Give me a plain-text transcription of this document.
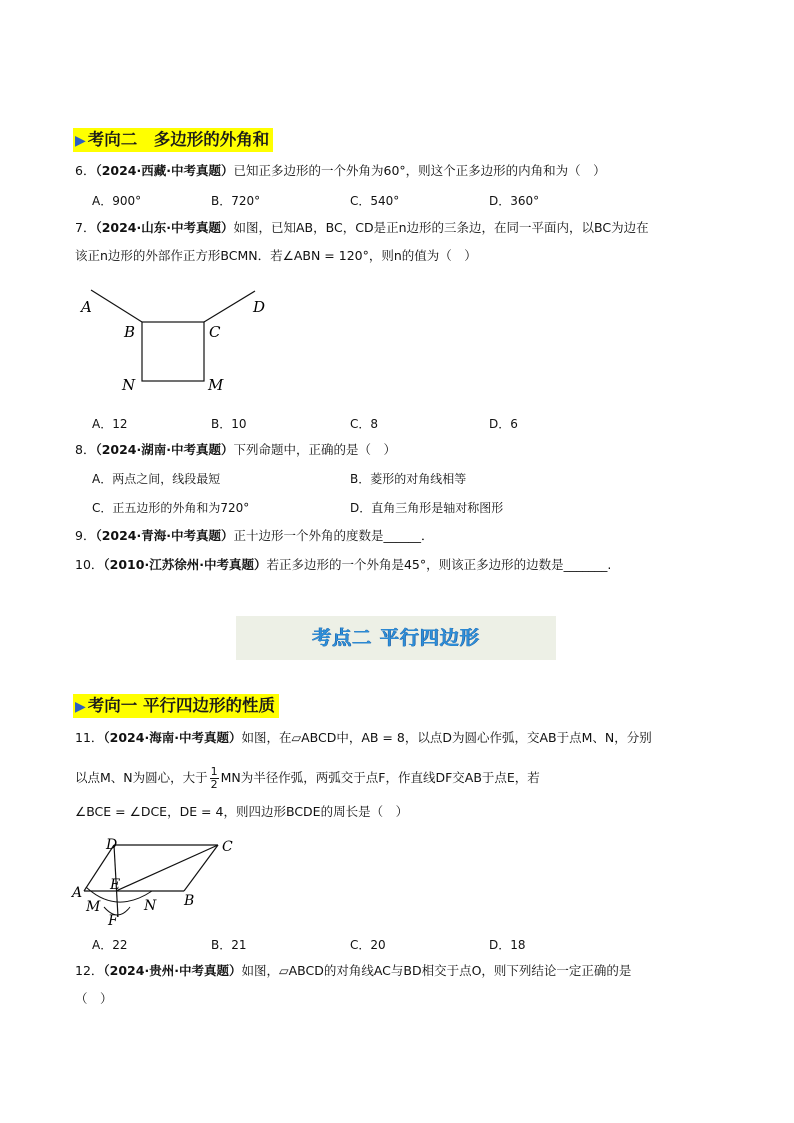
▶ 考向二　多边形的外角和
6．（2024·西藏·中考真题）已知正多边形的一个外角为60°，则这个正多边形的内角和为（　）
A．900°	B．720°	C．540°	D．360°
7．（2024·山东·中考真题）如图，已知AB，BC，CD是正n边形的三条边，在同一平面内，以BC为边在
该正n边形的外部作正方形BCMN．若∠ABN = 120°，则n的值为（　）
A
B	C
D
N	M
A．12	B．10	C．8	D．6
8．（2024·湖南·中考真题）下列命题中，正确的是（　）
A．两点之间，线段最短	B．菱形的对角线相等
C．正五边形的外角和为720°	D．直角三角形是轴对称图形
9．（2024·青海·中考真题）正十边形一个外角的度数是______．
10．（2010·江苏徐州·中考真题）若正多边形的一个外角是45°，则该正多边形的边数是_______.
考点二 平行四边形
▶ 考向一 平行四边形的性质
11．（2024·海南·中考真题）如图，在▱ABCD中，AB = 8，以点D为圆心作弧，交AB于点M、N，分别
以点M、N为圆心，大于 $\frac{1}{2}$ MN为半径作弧，两弧交于点F，作直线DF交AB于点E，若
∠BCE = ∠DCE，DE = 4，则四边形BCDE的周长是（　）
D	C
A E
M	N B
F
A．22	B．21	C．20	D．18
12．（2024·贵州·中考真题）如图，▱ABCD的对角线AC与BD相交于点O，则下列结论一定正确的是
（　）
